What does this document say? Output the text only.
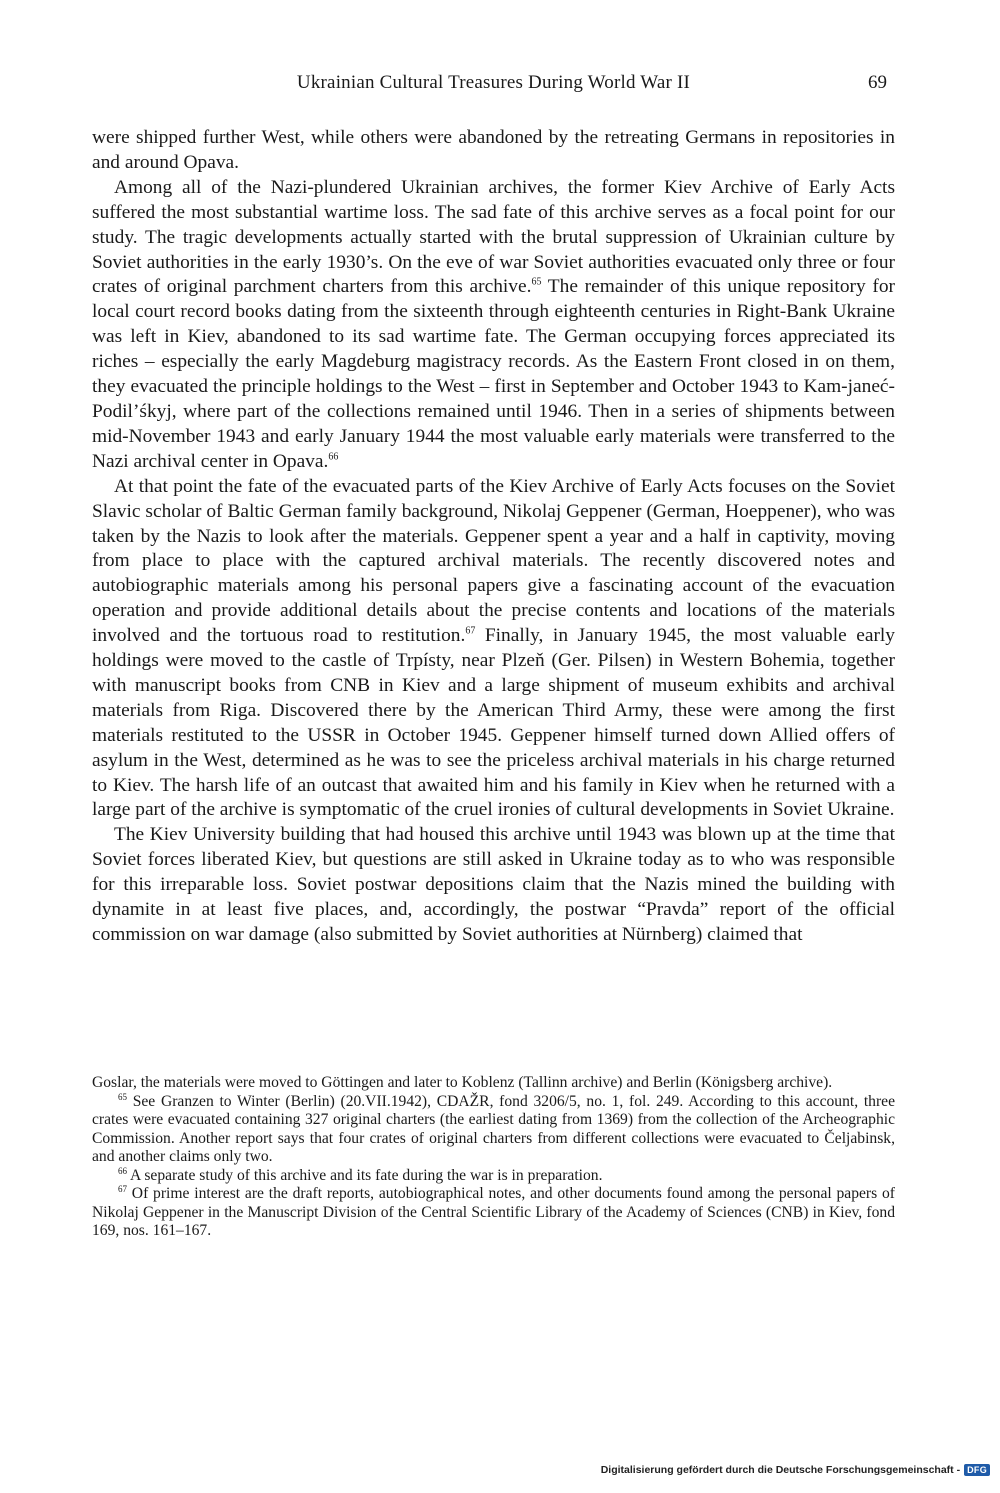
Ukrainian Cultural Treasures During World War II	69

were shipped further West, while others were abandoned by the retreating Germans in repositories in and around Opava.

Among all of the Nazi-plundered Ukrainian archives, the former Kiev Archive of Early Acts suffered the most substantial wartime loss. The sad fate of this archive serves as a focal point for our study. The tragic developments actually started with the brutal suppression of Ukrainian culture by Soviet authorities in the early 1930’s. On the eve of war Soviet authorities evacuated only three or four crates of original parchment charters from this archive.$^{65}$ The remainder of this unique repository for local court record books dating from the sixteenth through eighteenth centuries in Right-Bank Ukraine was left in Kiev, abandoned to its sad wartime fate. The German occupying forces appreciated its riches – especially the early Magdeburg magistracy records. As the Eastern Front closed in on them, they evacuated the principle holdings to the West – first in September and October 1943 to Kam-janeć-Podil’śkyj, where part of the collections remained until 1946. Then in a series of shipments between mid-November 1943 and early January 1944 the most valuable early materials were transferred to the Nazi archival center in Opava.$^{66}$

At that point the fate of the evacuated parts of the Kiev Archive of Early Acts focuses on the Soviet Slavic scholar of Baltic German family background, Nikolaj Geppener (German, Hoeppener), who was taken by the Nazis to look after the materials. Geppener spent a year and a half in captivity, moving from place to place with the captured archival materials. The recently discovered notes and autobiographic materials among his personal papers give a fascinating account of the evacuation operation and provide additional details about the precise contents and locations of the materials involved and the tortuous road to restitution.$^{67}$ Finally, in January 1945, the most valuable early holdings were moved to the castle of Trpísty, near Plzeň (Ger. Pilsen) in Western Bohemia, together with manuscript books from CNB in Kiev and a large shipment of museum exhibits and archival materials from Riga. Discovered there by the American Third Army, these were among the first materials restituted to the USSR in October 1945. Geppener himself turned down Allied offers of asylum in the West, determined as he was to see the priceless archival materials in his charge returned to Kiev. The harsh life of an outcast that awaited him and his family in Kiev when he returned with a large part of the archive is symptomatic of the cruel ironies of cultural developments in Soviet Ukraine.

The Kiev University building that had housed this archive until 1943 was blown up at the time that Soviet forces liberated Kiev, but questions are still asked in Ukraine today as to who was responsible for this irreparable loss. Soviet postwar depositions claim that the Nazis mined the building with dynamite in at least five places, and, accordingly, the postwar “Pravda” report of the official commission on war damage (also submitted by Soviet authorities at Nürnberg) claimed that

Goslar, the materials were moved to Göttingen and later to Koblenz (Tallinn archive) and Berlin (Königsberg archive).

$^{65}$ See Granzen to Winter (Berlin) (20.VII.1942), CDAŽR, fond 3206/5, no. 1, fol. 249. According to this account, three crates were evacuated containing 327 original charters (the earliest dating from 1369) from the collection of the Archeographic Commission. Another report says that four crates of original charters from different collections were evacuated to Čeljabinsk, and another claims only two.

$^{66}$ A separate study of this archive and its fate during the war is in preparation.

$^{67}$ Of prime interest are the draft reports, autobiographical notes, and other documents found among the personal papers of Nikolaj Geppener in the Manuscript Division of the Central Scientific Library of the Academy of Sciences (CNB) in Kiev, fond 169, nos. 161–167.

Digitalisierung gefördert durch die Deutsche Forschungsgemeinschaft - DFG
